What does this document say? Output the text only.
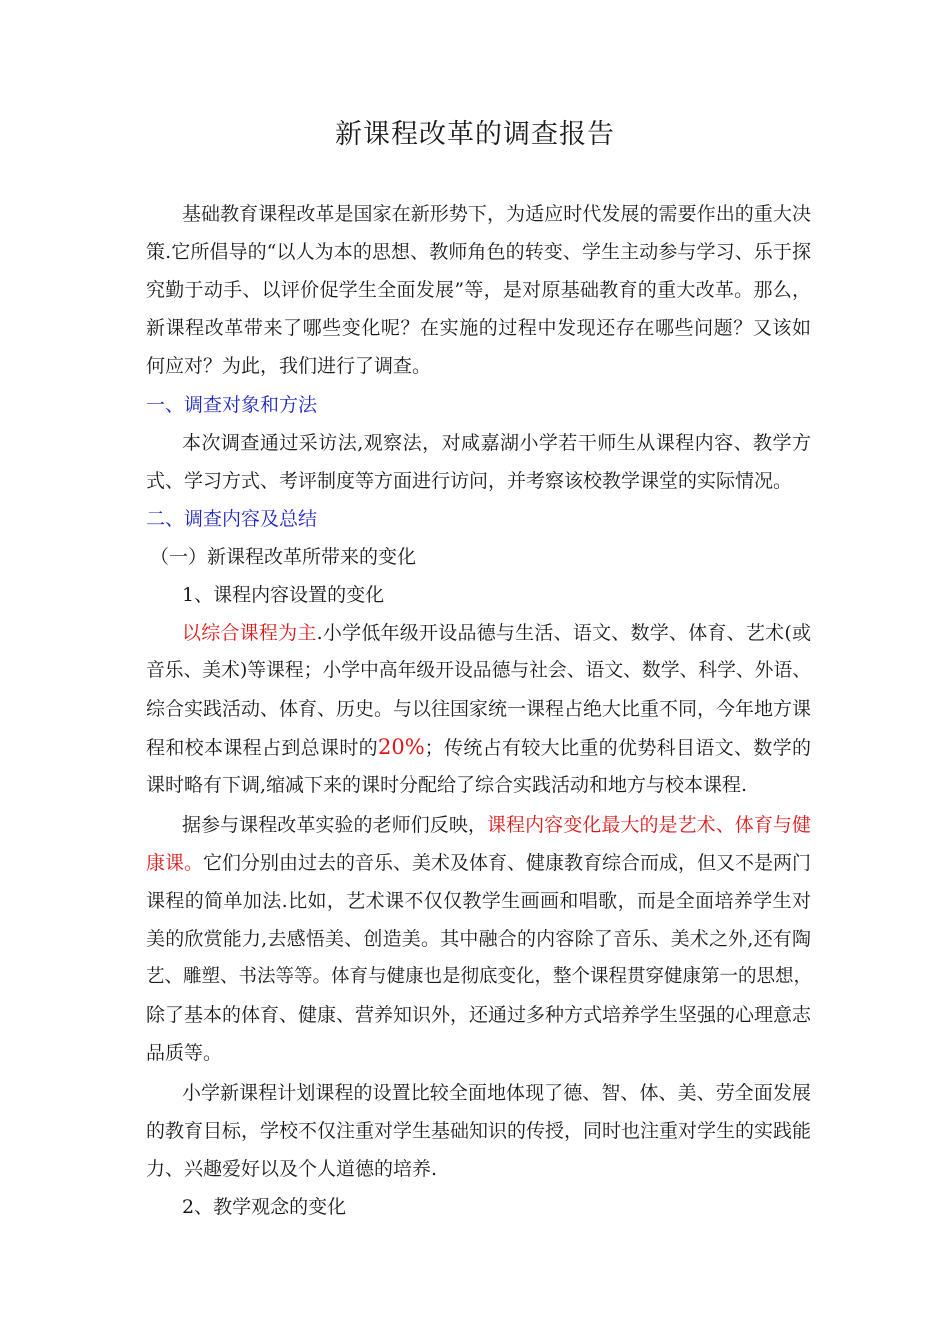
新课程改革的调查报告
基础教育课程改革是国家在新形势下，为适应时代发展的需要作出的重大决
策.它所倡导的“以人为本的思想、教师角色的转变、学生主动参与学习、乐于探
究勤于动手、以评价促学生全面发展”等，是对原基础教育的重大改革。那么，
新课程改革带来了哪些变化呢？在实施的过程中发现还存在哪些问题？又该如
何应对？为此，我们进行了调查。
一、调查对象和方法
本次调查通过采访法,观察法，对咸嘉湖小学若干师生从课程内容、教学方
式、学习方式、考评制度等方面进行访问，并考察该校教学课堂的实际情况。
二、调查内容及总结
（一）新课程改革所带来的变化
1、课程内容设置的变化
以综合课程为主.小学低年级开设品德与生活、语文、数学、体育、艺术(或
音乐、美术)等课程；小学中高年级开设品德与社会、语文、数学、科学、外语、
综合实践活动、体育、历史。与以往国家统一课程占绝大比重不同，今年地方课
程和校本课程占到总课时的20%；传统占有较大比重的优势科目语文、数学的
课时略有下调,缩减下来的课时分配给了综合实践活动和地方与校本课程.
据参与课程改革实验的老师们反映，课程内容变化最大的是艺术、体育与健
康课。它们分别由过去的音乐、美术及体育、健康教育综合而成，但又不是两门
课程的简单加法.比如，艺术课不仅仅教学生画画和唱歌，而是全面培养学生对
美的欣赏能力,去感悟美、创造美。其中融合的内容除了音乐、美术之外,还有陶
艺、雕塑、书法等等。体育与健康也是彻底变化，整个课程贯穿健康第一的思想，
除了基本的体育、健康、营养知识外，还通过多种方式培养学生坚强的心理意志
品质等。
小学新课程计划课程的设置比较全面地体现了德、智、体、美、劳全面发展
的教育目标，学校不仅注重对学生基础知识的传授，同时也注重对学生的实践能
力、兴趣爱好以及个人道德的培养.
2、教学观念的变化
